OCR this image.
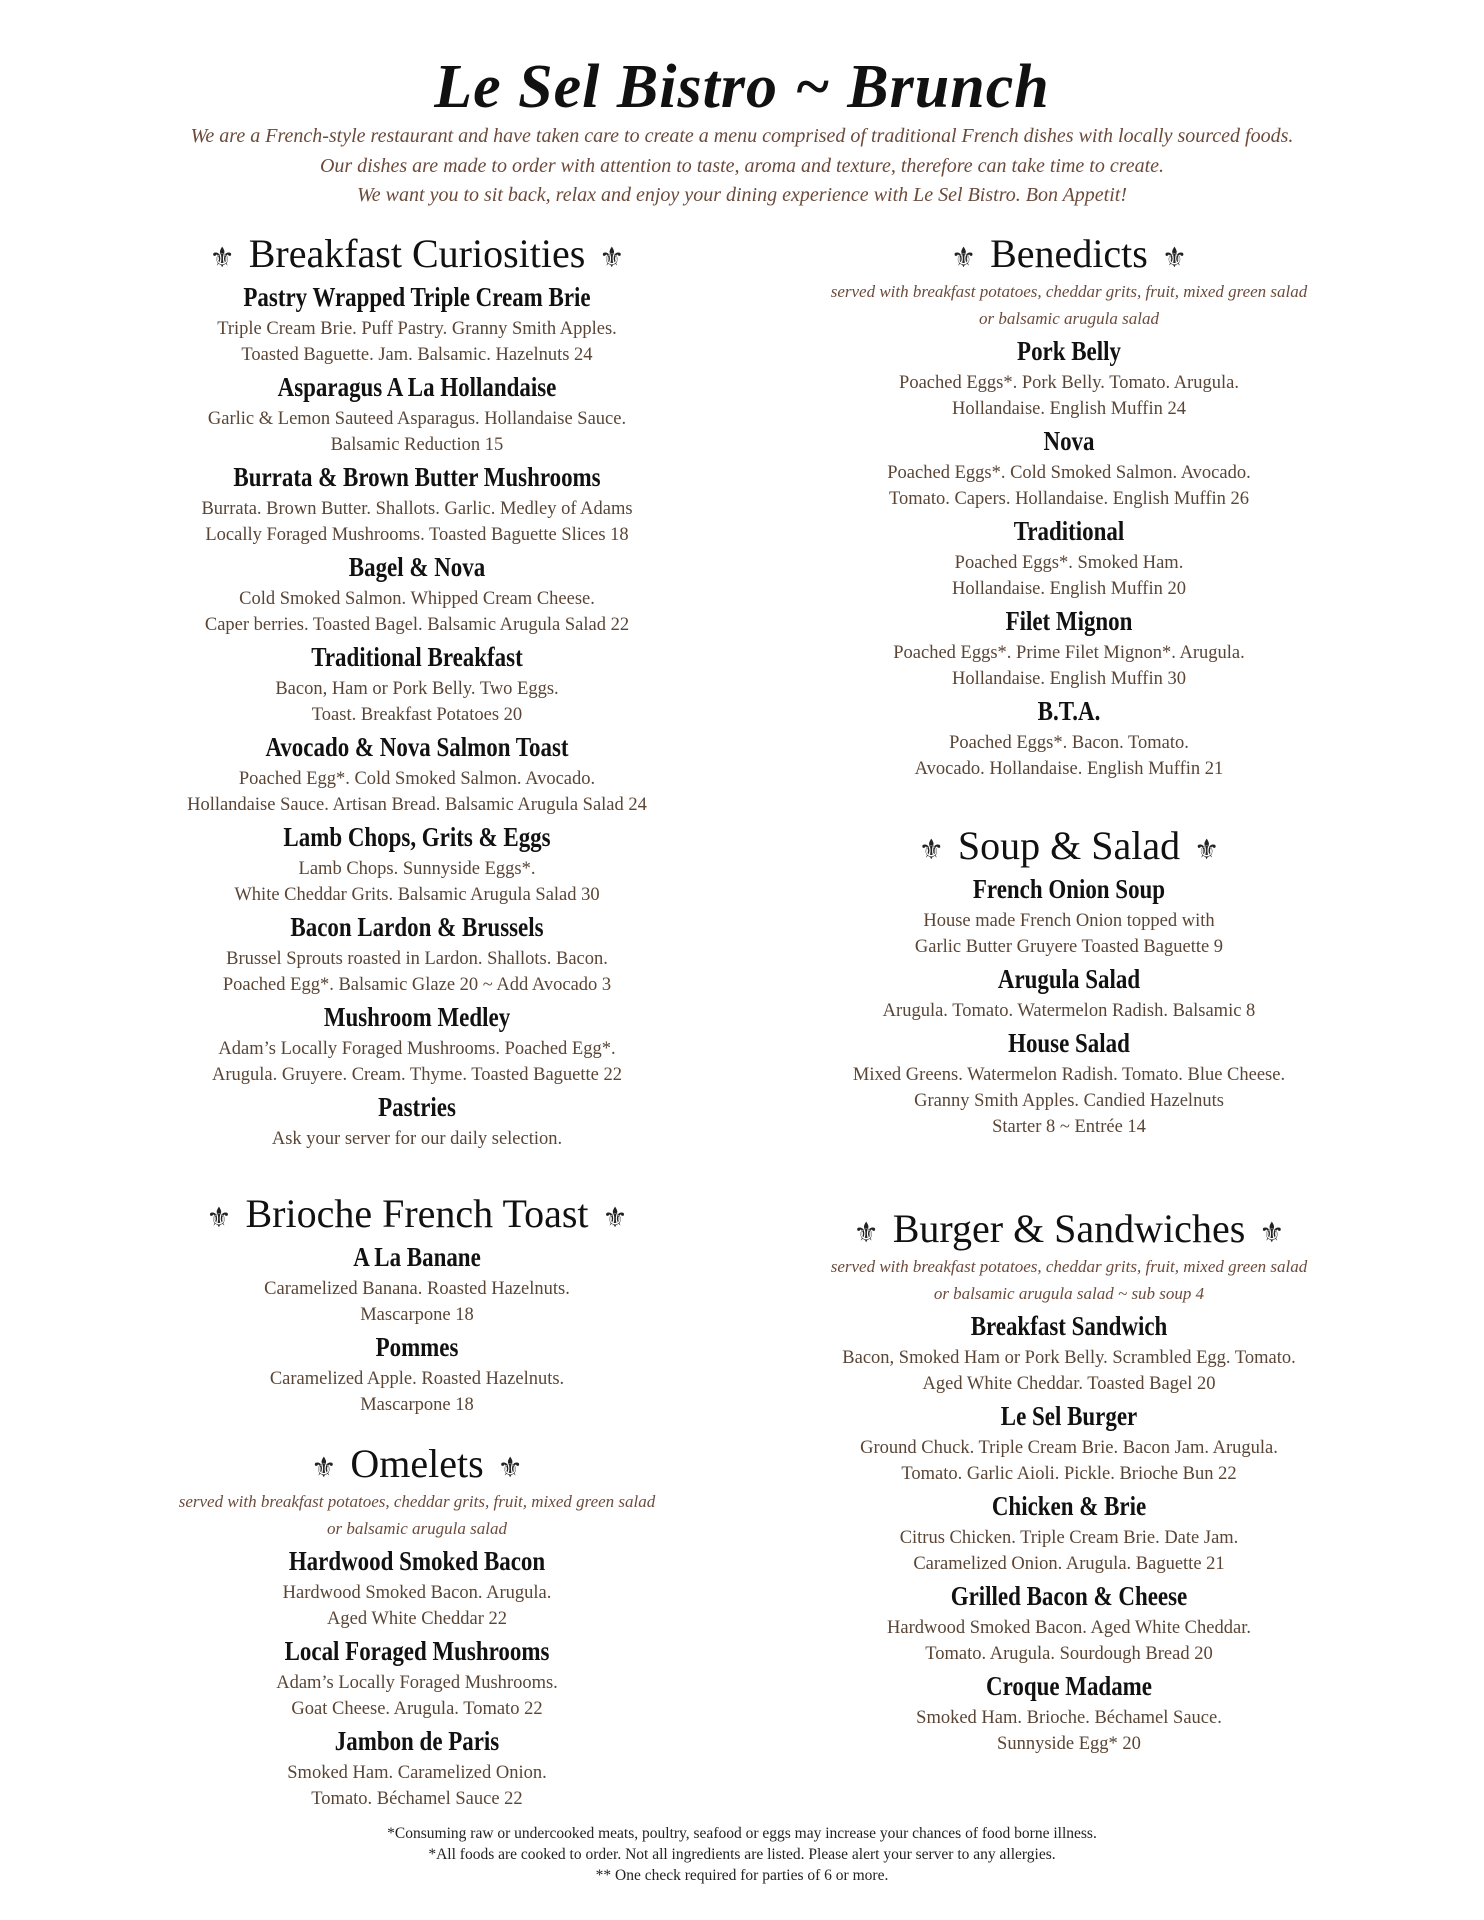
Le Sel Bistro ~ Brunch
We are a French-style restaurant and have taken care to create a menu comprised of traditional French dishes with locally sourced foods.
Our dishes are made to order with attention to taste, aroma and texture, therefore can take time to create.
We want you to sit back, relax and enjoy your dining experience with Le Sel Bistro. Bon Appetit!
⚜ Breakfast Curiosities ⚜
Pastry Wrapped Triple Cream Brie
Triple Cream Brie. Puff Pastry. Granny Smith Apples.
Toasted Baguette. Jam. Balsamic. Hazelnuts 24
Asparagus A La Hollandaise
Garlic & Lemon Sauteed Asparagus. Hollandaise Sauce.
Balsamic Reduction 15
Burrata & Brown Butter Mushrooms
Burrata. Brown Butter. Shallots. Garlic. Medley of Adams
Locally Foraged Mushrooms. Toasted Baguette Slices 18
Bagel & Nova
Cold Smoked Salmon. Whipped Cream Cheese.
Caper berries. Toasted Bagel. Balsamic Arugula Salad 22
Traditional Breakfast
Bacon, Ham or Pork Belly. Two Eggs.
Toast. Breakfast Potatoes 20
Avocado & Nova Salmon Toast
Poached Egg*. Cold Smoked Salmon. Avocado.
Hollandaise Sauce. Artisan Bread. Balsamic Arugula Salad 24
Lamb Chops, Grits & Eggs
Lamb Chops. Sunnyside Eggs*.
White Cheddar Grits. Balsamic Arugula Salad 30
Bacon Lardon & Brussels
Brussel Sprouts roasted in Lardon. Shallots. Bacon.
Poached Egg*. Balsamic Glaze 20 ~ Add Avocado 3
Mushroom Medley
Adam’s Locally Foraged Mushrooms. Poached Egg*.
Arugula. Gruyere. Cream. Thyme. Toasted Baguette 22
Pastries
Ask your server for our daily selection.
⚜ Benedicts ⚜
served with breakfast potatoes, cheddar grits, fruit, mixed green salad
or balsamic arugula salad
Pork Belly
Poached Eggs*. Pork Belly. Tomato. Arugula.
Hollandaise. English Muffin 24
Nova
Poached Eggs*. Cold Smoked Salmon. Avocado.
Tomato. Capers. Hollandaise. English Muffin 26
Traditional
Poached Eggs*. Smoked Ham.
Hollandaise. English Muffin 20
Filet Mignon
Poached Eggs*. Prime Filet Mignon*. Arugula.
Hollandaise. English Muffin 30
B.T.A.
Poached Eggs*. Bacon. Tomato.
Avocado. Hollandaise. English Muffin 21
⚜ Soup & Salad ⚜
French Onion Soup
House made French Onion topped with
Garlic Butter Gruyere Toasted Baguette 9
Arugula Salad
Arugula. Tomato. Watermelon Radish. Balsamic 8
House Salad
Mixed Greens. Watermelon Radish. Tomato. Blue Cheese.
Granny Smith Apples. Candied Hazelnuts
Starter 8 ~ Entrée 14
⚜ Brioche French Toast ⚜
A La Banane
Caramelized Banana. Roasted Hazelnuts.
Mascarpone 18
Pommes
Caramelized Apple. Roasted Hazelnuts.
Mascarpone 18
⚜ Omelets ⚜
served with breakfast potatoes, cheddar grits, fruit, mixed green salad
or balsamic arugula salad
Hardwood Smoked Bacon
Hardwood Smoked Bacon. Arugula.
Aged White Cheddar 22
Local Foraged Mushrooms
Adam’s Locally Foraged Mushrooms.
Goat Cheese. Arugula. Tomato 22
Jambon de Paris
Smoked Ham. Caramelized Onion.
Tomato. Béchamel Sauce 22
⚜ Burger & Sandwiches ⚜
served with breakfast potatoes, cheddar grits, fruit, mixed green salad
or balsamic arugula salad ~ sub soup 4
Breakfast Sandwich
Bacon, Smoked Ham or Pork Belly. Scrambled Egg. Tomato.
Aged White Cheddar. Toasted Bagel 20
Le Sel Burger
Ground Chuck. Triple Cream Brie. Bacon Jam. Arugula.
Tomato. Garlic Aioli. Pickle. Brioche Bun 22
Chicken & Brie
Citrus Chicken. Triple Cream Brie. Date Jam.
Caramelized Onion. Arugula. Baguette 21
Grilled Bacon & Cheese
Hardwood Smoked Bacon. Aged White Cheddar.
Tomato. Arugula. Sourdough Bread 20
Croque Madame
Smoked Ham. Brioche. Béchamel Sauce.
Sunnyside Egg* 20
*Consuming raw or undercooked meats, poultry, seafood or eggs may increase your chances of food borne illness.
*All foods are cooked to order. Not all ingredients are listed. Please alert your server to any allergies.
** One check required for parties of 6 or more.
